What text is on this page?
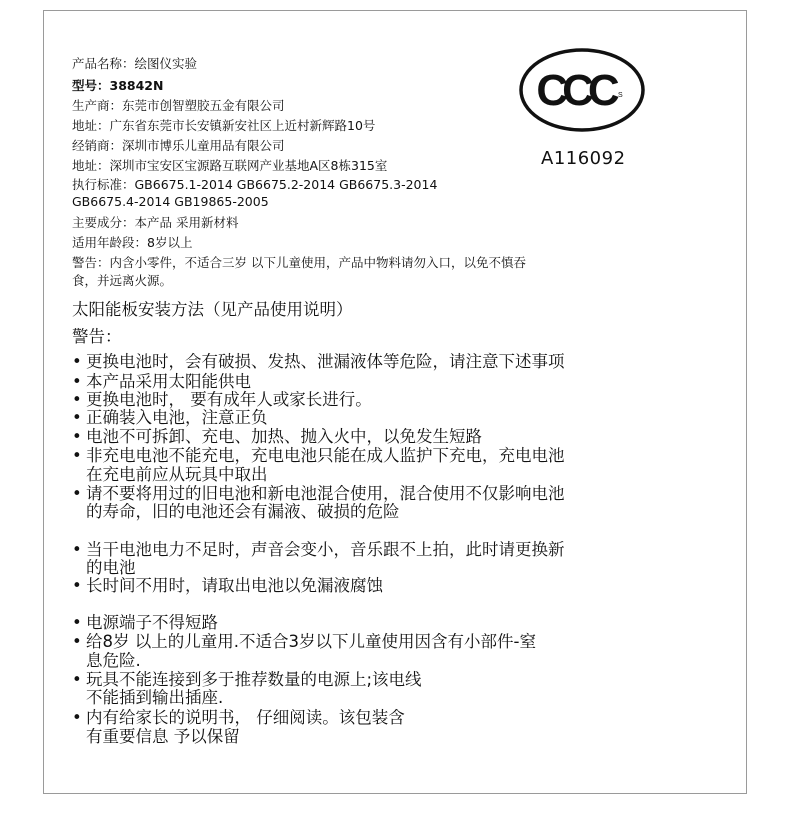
产品名称：绘图仪实验
型号：38842N
生产商：东莞市创智塑胶五金有限公司
地址：广东省东莞市长安镇新安社区上近村新辉路10号
经销商：深圳市博乐儿童用品有限公司
地址：深圳市宝安区宝源路互联网产业基地A区8栋315室
执行标准：GB6675.1-2014 GB6675.2-2014 GB6675.3-2014
GB6675.4-2014 GB19865-2005
主要成分：本产品 采用新材料
适用年龄段：8岁以上
警告：内含小零件，不适合三岁 以下儿童使用，产品中物料请勿入口，以免不慎吞
食，并远离火源。
CCC S
A116092
太阳能板安装方法（见产品使用说明）
警告：
• 更换电池时，会有破损、发热、泄漏液体等危险，请注意下述事项
• 本产品采用太阳能供电
• 更换电池时， 要有成年人或家长进行。
• 正确装入电池，注意正负
• 电池不可拆卸、充电、加热、抛入火中，以免发生短路
• 非充电电池不能充电，充电电池只能在成人监护下充电，充电电池
在充电前应从玩具中取出
• 请不要将用过的旧电池和新电池混合使用，混合使用不仅影响电池
的寿命，旧的电池还会有漏液、破损的危险
• 当干电池电力不足时，声音会变小，音乐跟不上拍，此时请更换新
的电池
• 长时间不用时，请取出电池以免漏液腐蚀
• 电源端子不得短路
• 给8岁 以上的儿童用.不适合3岁以下儿童使用因含有小部件-窒
息危险.
• 玩具不能连接到多于推荐数量的电源上;该电线
不能插到输出插座.
• 内有给家长的说明书， 仔细阅读。该包装含
有重要信息 予以保留
